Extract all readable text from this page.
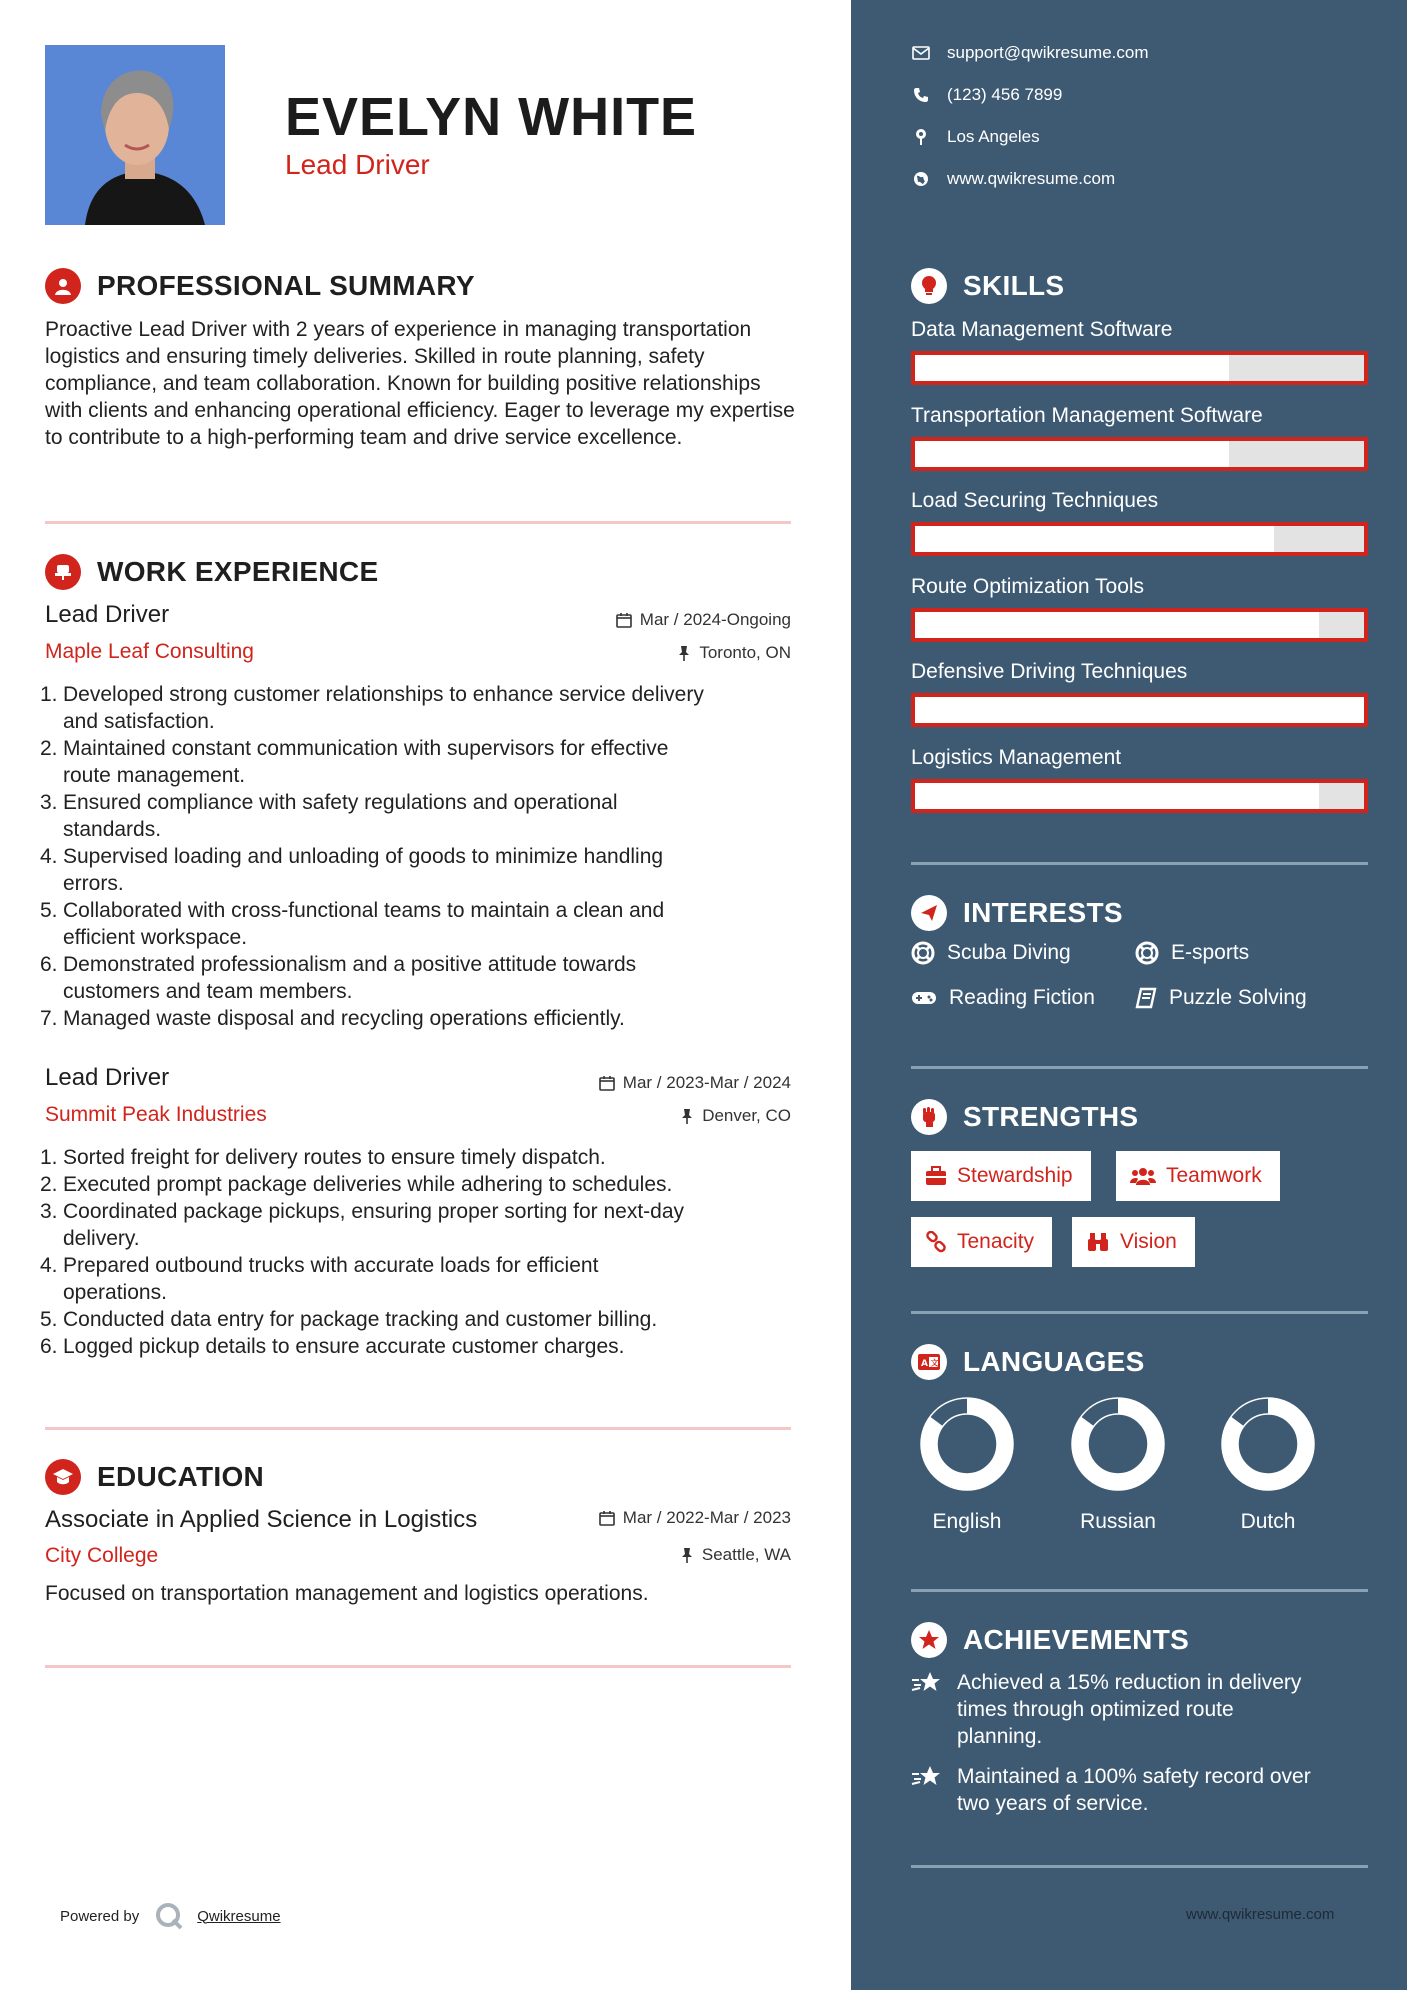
EVELYN WHITE
Lead Driver
PROFESSIONAL SUMMARY
Proactive Lead Driver with 2 years of experience in managing transportation logistics and ensuring timely deliveries. Skilled in route planning, safety compliance, and team collaboration. Known for building positive relationships with clients and enhancing operational efficiency. Eager to leverage my expertise to contribute to a high-performing team and drive service excellence.
WORK EXPERIENCE
Lead Driver	Mar / 2024-Ongoing
Maple Leaf Consulting	Toronto, ON
1. Developed strong customer relationships to enhance service delivery
and satisfaction.
2. Maintained constant communication with supervisors for effective
route management.
3. Ensured compliance with safety regulations and operational
standards.
4. Supervised loading and unloading of goods to minimize handling
errors.
5. Collaborated with cross-functional teams to maintain a clean and
efficient workspace.
6. Demonstrated professionalism and a positive attitude towards
customers and team members.
7. Managed waste disposal and recycling operations efficiently.
Lead Driver	Mar / 2023-Mar / 2024
Summit Peak Industries	Denver, CO
1. Sorted freight for delivery routes to ensure timely dispatch.
2. Executed prompt package deliveries while adhering to schedules.
3. Coordinated package pickups, ensuring proper sorting for next-day
delivery.
4. Prepared outbound trucks with accurate loads for efficient
operations.
5. Conducted data entry for package tracking and customer billing.
6. Logged pickup details to ensure accurate customer charges.
EDUCATION
Associate in Applied Science in Logistics	Mar / 2022-Mar / 2023
City College	Seattle, WA
Focused on transportation management and logistics operations.
Powered by	Qwikresume
support@qwikresume.com
(123) 456 7899
Los Angeles
www.qwikresume.com
SKILLS
Data Management Software
Transportation Management Software
Load Securing Techniques
Route Optimization Tools
Defensive Driving Techniques
Logistics Management
INTERESTS
Scuba Diving	E-sports
Reading Fiction	Puzzle Solving
STRENGTHS
Stewardship	Teamwork
Tenacity	Vision
A 文 LANGUAGES
English	Russian	Dutch
ACHIEVEMENTS
Achieved a 15% reduction in delivery
times through optimized route
planning.
Maintained a 100% safety record over
two years of service.
www.qwikresume.com
